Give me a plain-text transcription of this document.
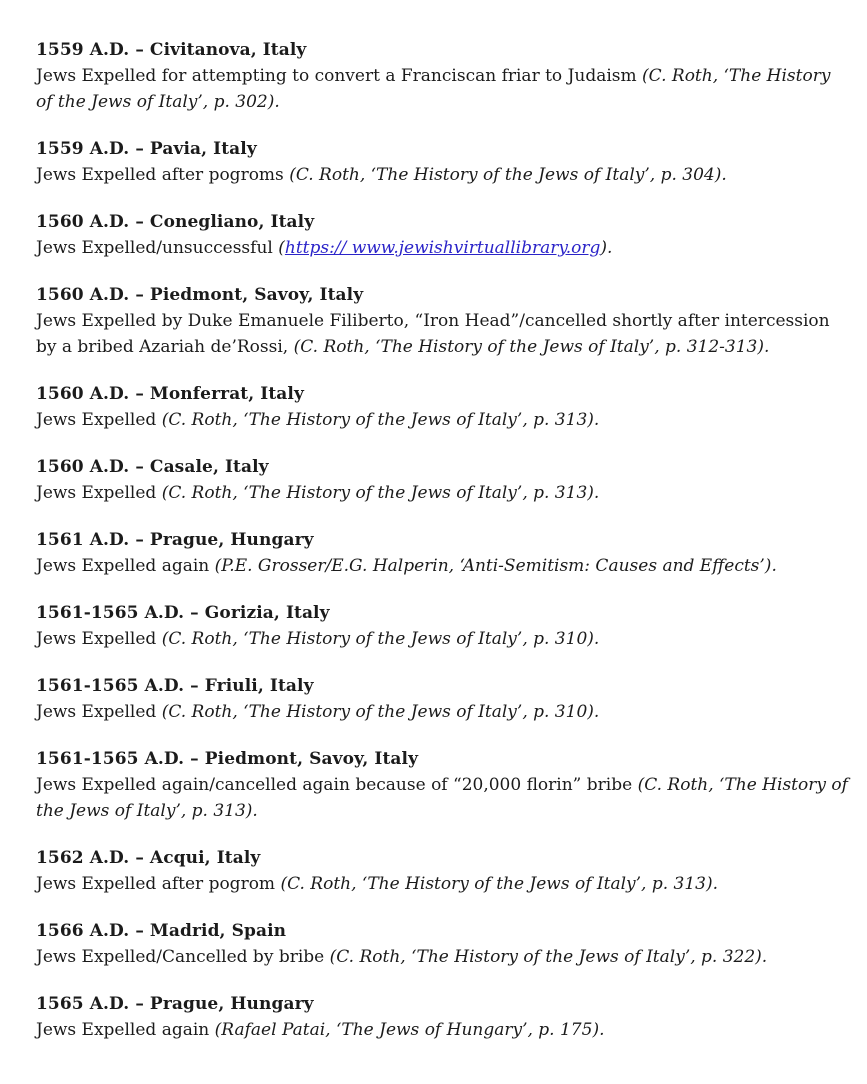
1559 A.D. – Civitanova, Italy

Jews Expelled for attempting to convert a Franciscan friar to Judaism (C. Roth, ‘The History of the Jews of Italy’, p. 302).

1559 A.D. – Pavia, Italy

Jews Expelled after pogroms (C. Roth, ‘The History of the Jews of Italy’, p. 304).

1560 A.D. – Conegliano, Italy

Jews Expelled/unsuccessful (https:// www.jewishvirtuallibrary.org).

1560 A.D. – Piedmont, Savoy, Italy

Jews Expelled by Duke Emanuele Filiberto, “Iron Head”/cancelled shortly after intercession by a bribed Azariah de’Rossi, (C. Roth, ‘The History of the Jews of Italy’, p. 312-313).

1560 A.D. – Monferrat, Italy

Jews Expelled (C. Roth, ‘The History of the Jews of Italy’, p. 313).

1560 A.D. – Casale, Italy

Jews Expelled (C. Roth, ‘The History of the Jews of Italy’, p. 313).

1561 A.D. – Prague, Hungary

Jews Expelled again (P.E. Grosser/E.G. Halperin, ‘Anti-Semitism: Causes and Effects’).

1561-1565 A.D. – Gorizia, Italy

Jews Expelled (C. Roth, ‘The History of the Jews of Italy’, p. 310).

1561-1565 A.D. – Friuli, Italy

Jews Expelled (C. Roth, ‘The History of the Jews of Italy’, p. 310).

1561-1565 A.D. – Piedmont, Savoy, Italy

Jews Expelled again/cancelled again because of “20,000 florin” bribe (C. Roth, ‘The History of the Jews of Italy’, p. 313).

1562 A.D. – Acqui, Italy

Jews Expelled after pogrom (C. Roth, ‘The History of the Jews of Italy’, p. 313).

1566 A.D. – Madrid, Spain

Jews Expelled/Cancelled by bribe (C. Roth, ‘The History of the Jews of Italy’, p. 322).

1565 A.D. – Prague, Hungary

Jews Expelled again (Rafael Patai, ‘The Jews of Hungary’, p. 175).
